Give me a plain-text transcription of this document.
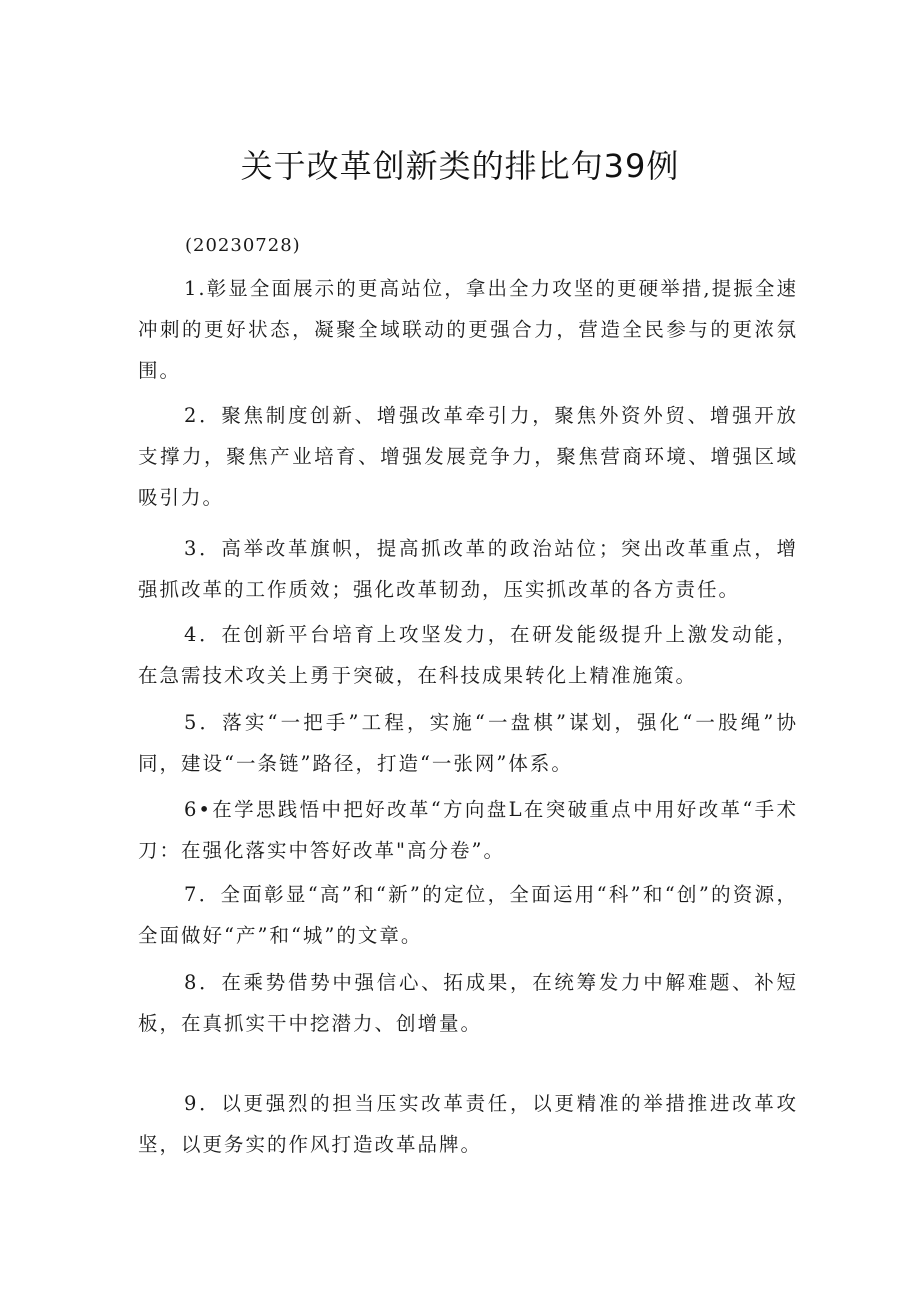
关于改革创新类的排比句39例
(20230728)

1.彰显全面展示的更高站位，拿出全力攻坚的更硬举措,提振全速冲刺的更好状态，凝聚全域联动的更强合力，营造全民参与的更浓氛围。

2．聚焦制度创新、增强改革牵引力，聚焦外资外贸、增强开放支撑力，聚焦产业培育、增强发展竞争力，聚焦营商环境、增强区域吸引力。

3．高举改革旗帜，提高抓改革的政治站位；突出改革重点，增强抓改革的工作质效；强化改革韧劲，压实抓改革的各方责任。

4．在创新平台培育上攻坚发力，在研发能级提升上激发动能，在急需技术攻关上勇于突破，在科技成果转化上精准施策。

5．落实“一把手”工程，实施“一盘棋”谋划，强化“一股绳”协同，建设“一条链”路径，打造“一张网”体系。

6•在学思践悟中把好改革“方向盘L在突破重点中用好改革“手术刀：在强化落实中答好改革"高分卷”。

7．全面彰显“高”和“新”的定位，全面运用“科”和“创”的资源，全面做好“产”和“城”的文章。

8．在乘势借势中强信心、拓成果，在统筹发力中解难题、补短板，在真抓实干中挖潜力、创增量。

9．以更强烈的担当压实改革责任，以更精准的举措推进改革攻坚，以更务实的作风打造改革品牌。
